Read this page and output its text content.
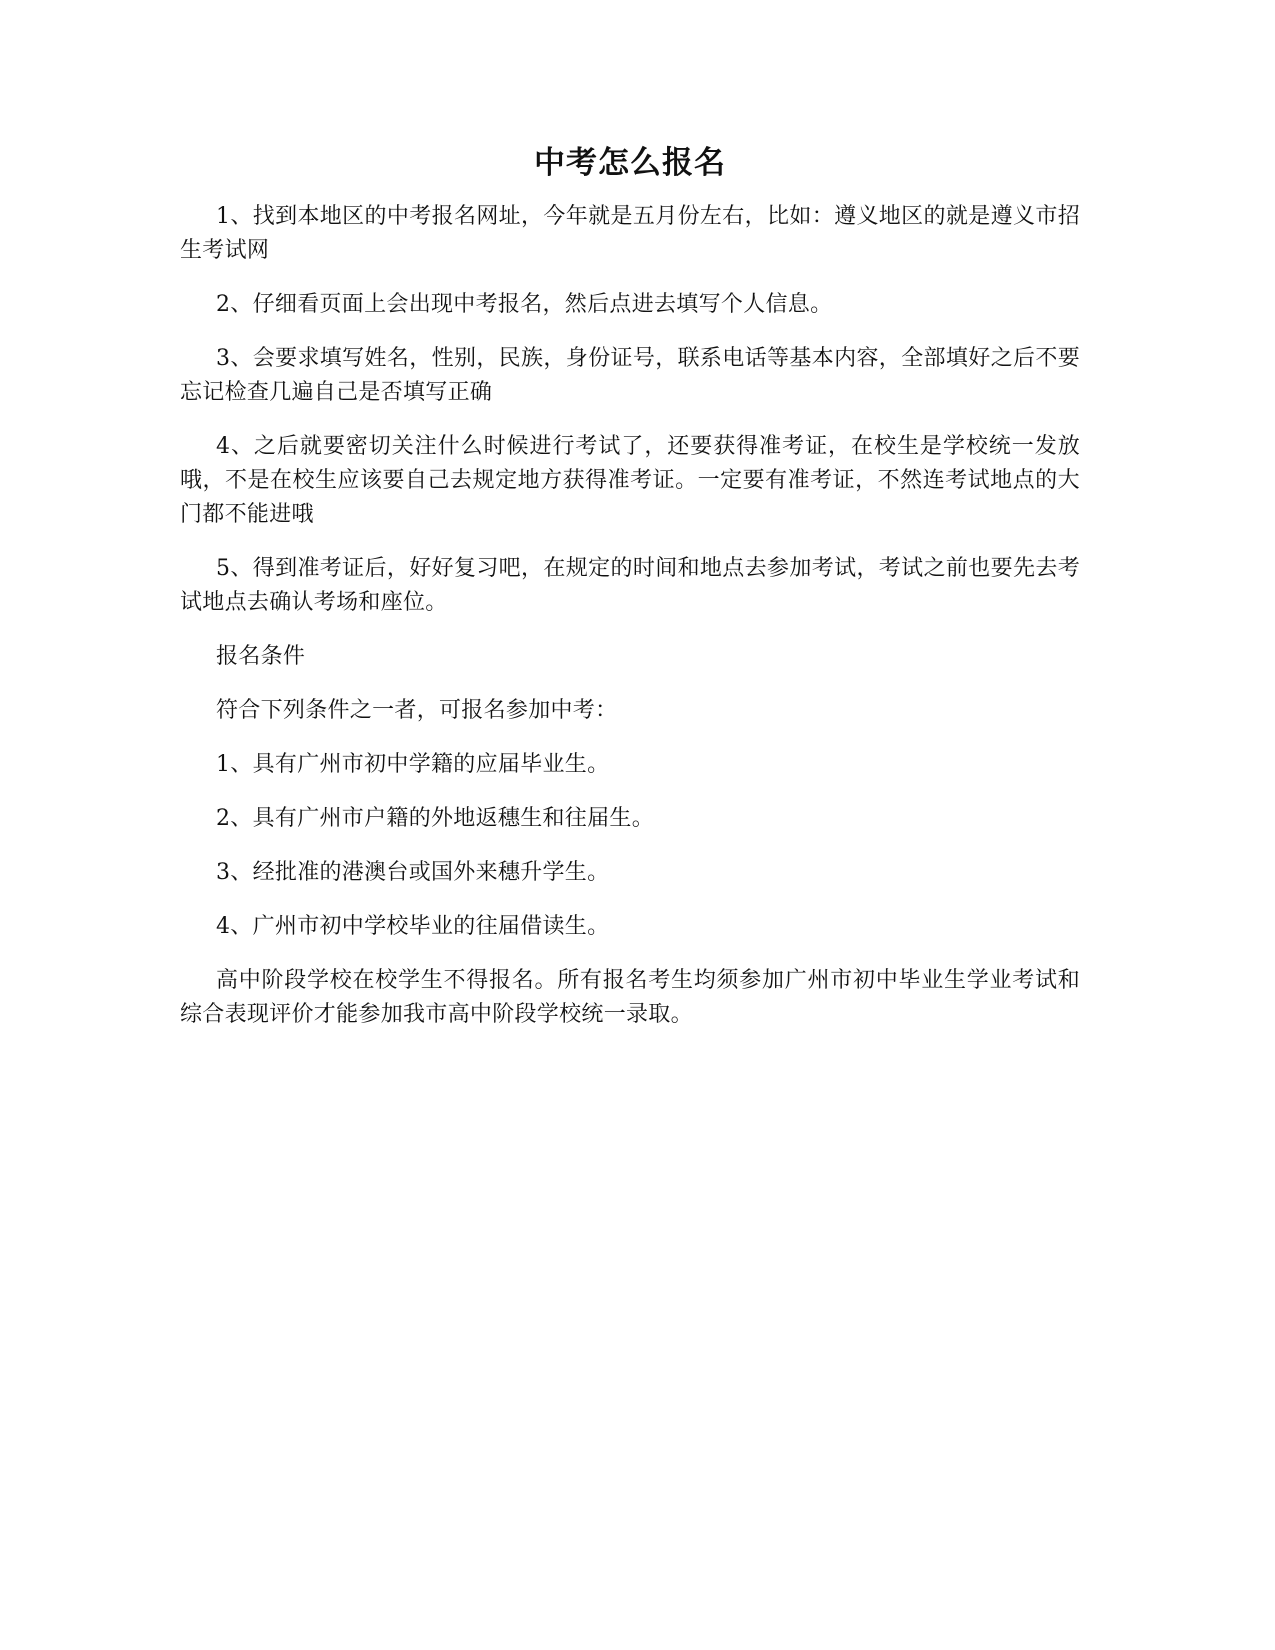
中考怎么报名

1、找到本地区的中考报名网址，今年就是五月份左右，比如：遵义地区的就是遵义市招生考试网

2、仔细看页面上会出现中考报名，然后点进去填写个人信息。

3、会要求填写姓名，性别，民族，身份证号，联系电话等基本内容，全部填好之后不要忘记检查几遍自己是否填写正确

4、之后就要密切关注什么时候进行考试了，还要获得准考证，在校生是学校统一发放哦，不是在校生应该要自己去规定地方获得准考证。一定要有准考证，不然连考试地点的大门都不能进哦

5、得到准考证后，好好复习吧，在规定的时间和地点去参加考试，考试之前也要先去考试地点去确认考场和座位。

报名条件

符合下列条件之一者，可报名参加中考：

1、具有广州市初中学籍的应届毕业生。

2、具有广州市户籍的外地返穗生和往届生。

3、经批准的港澳台或国外来穗升学生。

4、广州市初中学校毕业的往届借读生。

高中阶段学校在校学生不得报名。所有报名考生均须参加广州市初中毕业生学业考试和综合表现评价才能参加我市高中阶段学校统一录取。
